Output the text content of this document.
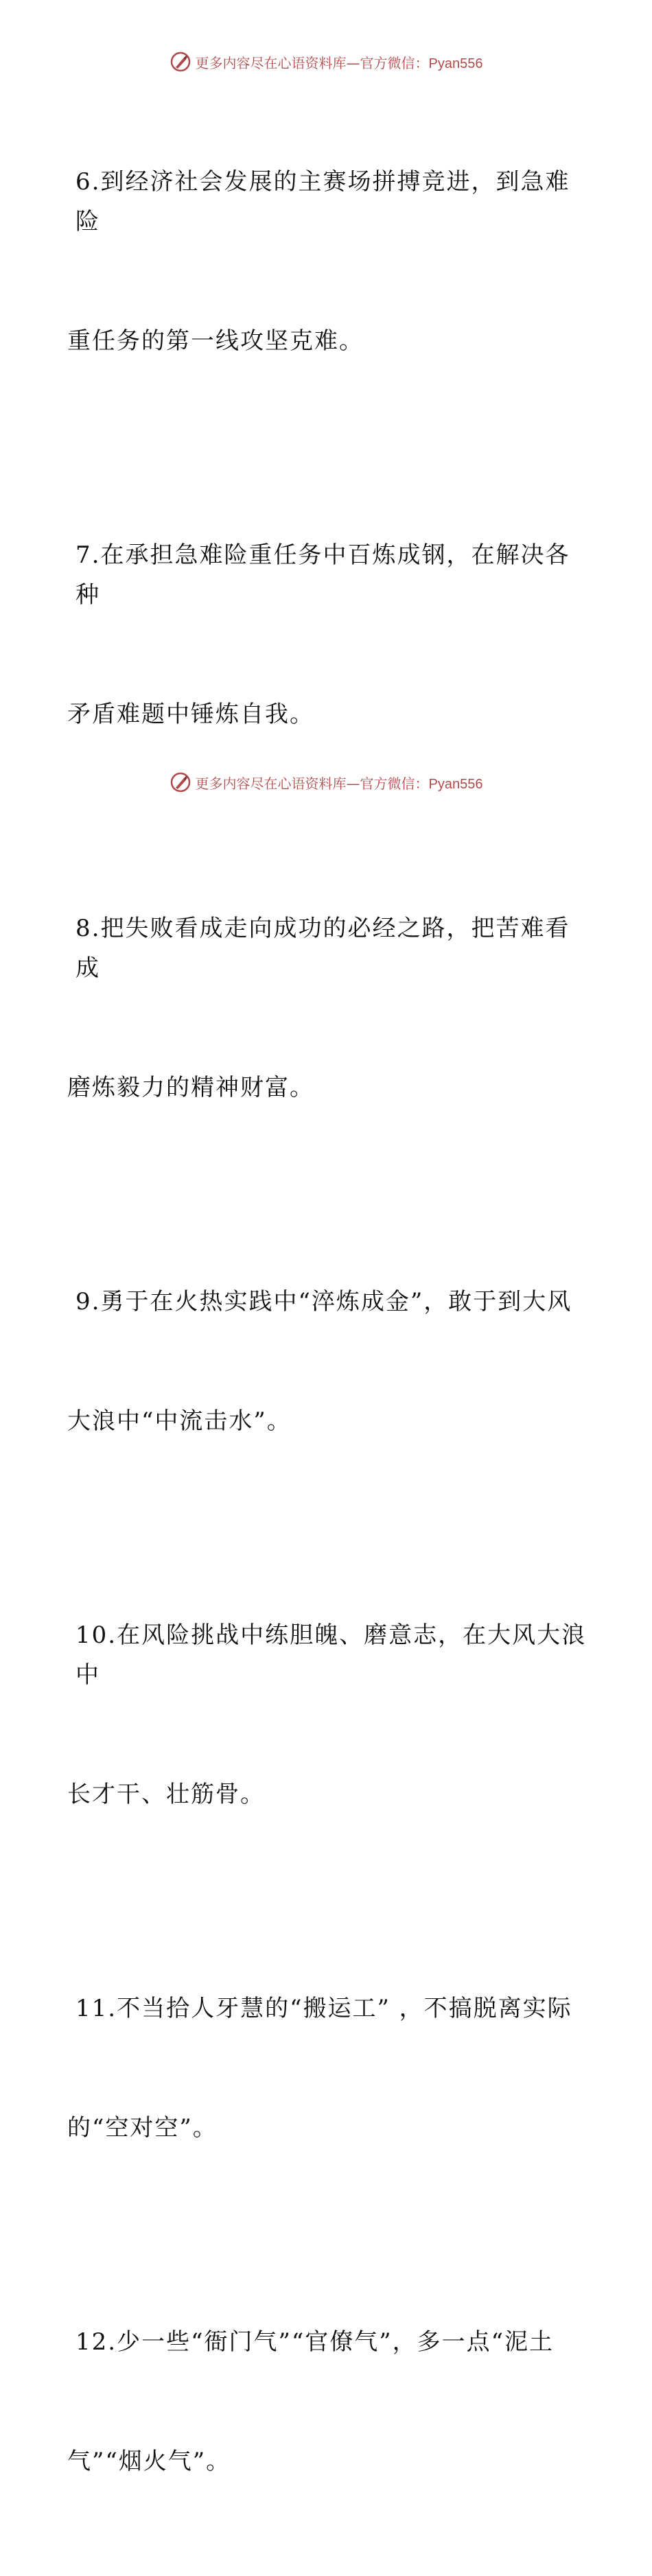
更多内容尽在心语资料库—官方微信：Pyan556

6.到经济社会发展的主赛场拼搏竞进，到急难险

重任务的第一线攻坚克难。

7.在承担急难险重任务中百炼成钢，在解决各种

矛盾难题中锤炼自我。

8.把失败看成走向成功的必经之路，把苦难看成

磨炼毅力的精神财富。

9.勇于在火热实践中“淬炼成金”，敢于到大风

大浪中“中流击水”。

10.在风险挑战中练胆魄、磨意志，在大风大浪中

长才干、壮筋骨。

11.不当拾人牙慧的“搬运工” ，不搞脱离实际

的“空对空”。

12.少一些“衙门气”“官僚气”，多一点“泥土

气”“烟火气”。

更多内容尽在心语资料库—官方微信：Pyan556
